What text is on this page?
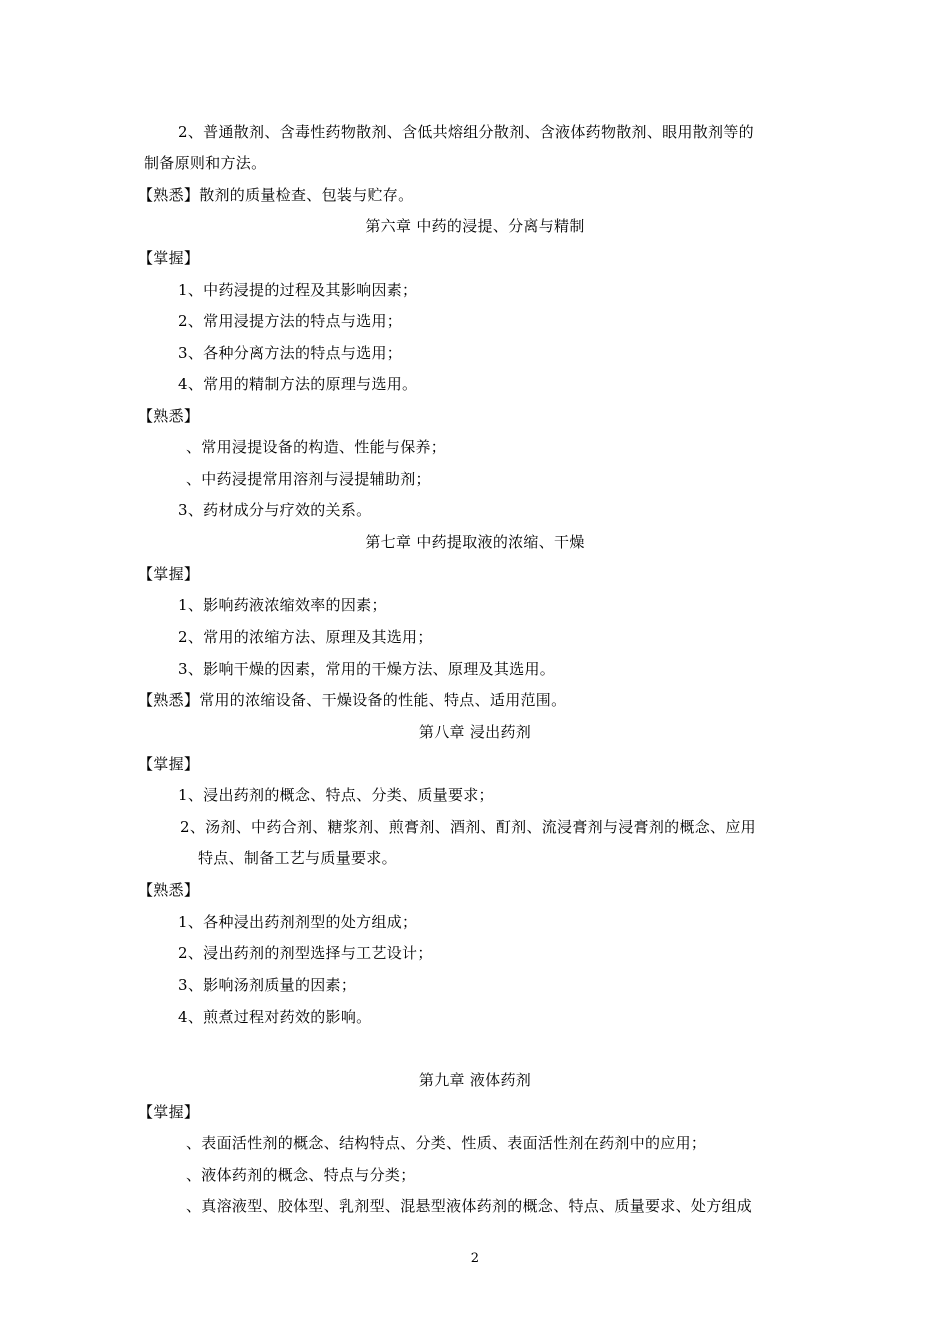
2、普通散剂、含毒性药物散剂、含低共熔组分散剂、含液体药物散剂、眼用散剂等的
制备原则和方法。
【熟悉】散剂的质量检查、包装与贮存。
第六章 中药的浸提、分离与精制
【掌握】
1、中药浸提的过程及其影响因素；
2、常用浸提方法的特点与选用；
3、各种分离方法的特点与选用；
4、常用的精制方法的原理与选用。
【熟悉】
、常用浸提设备的构造、性能与保养；
、中药浸提常用溶剂与浸提辅助剂；
3、药材成分与疗效的关系。
第七章 中药提取液的浓缩、干燥
【掌握】
1、影响药液浓缩效率的因素；
2、常用的浓缩方法、原理及其选用；
3、影响干燥的因素，常用的干燥方法、原理及其选用。
【熟悉】常用的浓缩设备、干燥设备的性能、特点、适用范围。
第八章 浸出药剂
【掌握】
1、浸出药剂的概念、特点、分类、质量要求；
2、汤剂、中药合剂、糖浆剂、煎膏剂、酒剂、酊剂、流浸膏剂与浸膏剂的概念、应用
特点、制备工艺与质量要求。
【熟悉】
1、各种浸出药剂剂型的处方组成；
2、浸出药剂的剂型选择与工艺设计；
3、影响汤剂质量的因素；
4、煎煮过程对药效的影响。
第九章 液体药剂
【掌握】
、表面活性剂的概念、结构特点、分类、性质、表面活性剂在药剂中的应用；
、液体药剂的概念、特点与分类；
、真溶液型、胶体型、乳剂型、混悬型液体药剂的概念、特点、质量要求、处方组成
2
